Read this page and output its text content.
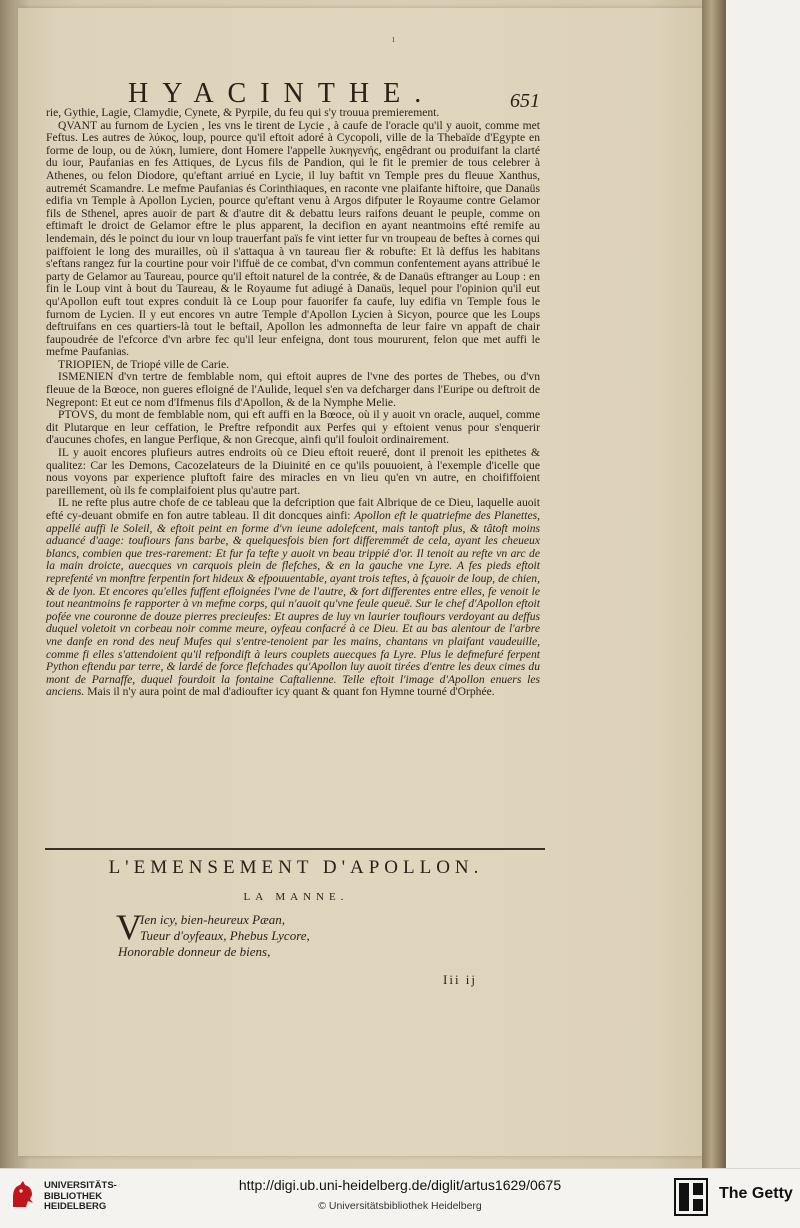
ı
HYACINTHE.	651

rie, Gythie, Lagie, Clamydie, Cynete, & Pyrpile, du feu qui s'y trouua premierement.

QVANT au furnom de Lycien , les vns le tirent de Lycie , à caufe de l'oracle qu'il y auoit, comme met Feftus. Les autres de λύκος, loup, pource qu'il eftoit adoré à Cycopoli, ville de la Thebaïde d'Egypte en forme de loup, ou de λύκη, lumiere, dont Homere l'appelle λυκηγενής, engêdrant ou produifant la clarté du iour, Paufanias en fes Attiques, de Lycus fils de Pandion, qui le fit le premier de tous celebrer à Athenes, ou felon Diodore, qu'eftant arriué en Lycie, il luy baftit vn Temple pres du fleuue Xanthus, autremét Scamandre. Le mefme Paufanias és Corinthiaques, en raconte vne plaifante hiftoire, que Danaüs edifia vn Temple à Apollon Lycien, pource qu'eftant venu à Argos difputer le Royaume contre Gelamor fils de Sthenel, apres auoir de part & d'autre dit & debattu leurs raifons deuant le peuple, comme on eftimaft le droict de Gelamor eftre le plus apparent, la decifion en ayant neantmoins efté remife au lendemain, dés le poinct du iour vn loup trauerfant païs fe vint ietter fur vn troupeau de beftes à cornes qui paiffoient le long des murailles, où il s'attaqua à vn taureau fier & robufte: Et là deffus les habitans s'eftans rangez fur la courtine pour voir l'iffuë de ce combat, d'vn commun confentement ayans attribué le party de Gelamor au Taureau, pource qu'il eftoit naturel de la contrée, & de Danaüs eftranger au Loup : en fin le Loup vint à bout du Taureau, & le Royaume fut adiugé à Danaüs, lequel pour l'opinion qu'il eut qu'Apollon euft tout expres conduit là ce Loup pour fauorifer fa caufe, luy edifia vn Temple fous le furnom de Lycien. Il y eut encores vn autre Temple d'Apollon Lycien à Sicyon, pource que les Loups deftruifans en ces quartiers-là tout le beftail, Apollon les admonnefta de leur faire vn appaft de chair faupoudrée de l'efcorce d'vn arbre fec qu'il leur enfeigna, dont tous moururent, felon que met auffi le mefme Paufanias.

TRIOPIEN, de Triopé ville de Carie.

ISMENIEN d'vn tertre de femblable nom, qui eftoit aupres de l'vne des portes de Thebes, ou d'vn fleuue de la Bœoce, non gueres efloigné de l'Aulide, lequel s'en va defcharger dans l'Euripe ou deftroit de Negrepont: Et eut ce nom d'Ifmenus fils d'Apollon, & de la Nymphe Melie.

PTOVS, du mont de femblable nom, qui eft auffi en la Bœoce, où il y auoit vn oracle, auquel, comme dit Plutarque en leur ceffation, le Preftre refpondit aux Perfes qui y eftoient venus pour s'enquerir d'aucunes chofes, en langue Perfique, & non Grecque, ainfi qu'il fouloit ordinairement.

IL y auoit encores plufieurs autres endroits où ce Dieu eftoit reueré, dont il prenoit les epithetes & qualitez: Car les Demons, Cacozelateurs de la Diuinité en ce qu'ils pouuoient, à l'exemple d'icelle que nous voyons par experience pluftoft faire des miracles en vn lieu qu'en vn autre, en choififfoient pareillement, où ils fe complaifoient plus qu'autre part.

IL ne refte plus autre chofe de ce tableau que la defcription que fait Albrique de ce Dieu, laquelle auoit efté cy-deuant obmife en fon autre tableau. Il dit doncques ainfi: Apollon eft le quatriefme des Planettes, appellé auffi le Soleil, & eftoit peint en forme d'vn ieune adolefcent, mais tantoft plus, & tâtoft moins aduancé d'aage: toufiours fans barbe, & quelquesfois bien fort differemmét de cela, ayant les cheueux blancs, combien que tres-rarement: Et fur fa tefte y auoit vn beau trippié d'or. Il tenoit au refte vn arc de la main droicte, auecques vn carquois plein de flefches, & en la gauche vne Lyre. A fes pieds eftoit reprefenté vn monftre ferpentin fort hideux & efpouuentable, ayant trois teftes, à fçauoir de loup, de chien, & de lyon. Et encores qu'elles fuffent efloignées l'vne de l'autre, & fort differentes entre elles, fe venoit le tout neantmoins fe rapporter à vn mefme corps, qui n'auoit qu'vne feule queuë. Sur le chef d'Apollon eftoit pofée vne couronne de douze pierres precieufes: Et aupres de luy vn laurier toufiours verdoyant au deffus duquel voletoit vn corbeau noir comme meure, oyfeau confacré à ce Dieu. Et au bas alentour de l'arbre vne danfe en rond des neuf Mufes qui s'entre-tenoient par les mains, chantans vn plaifant vaudeuille, comme fi elles s'attendoient qu'il refpondift à leurs couplets auecques fa Lyre. Plus le defmefuré ferpent Python eftendu par terre, & lardé de force flefchades qu'Apollon luy auoit tirées d'entre les deux cimes du mont de Parnaffe, duquel fourdoit la fontaine Caftalienne. Telle eftoit l'image d'Apollon enuers les anciens. Mais il n'y aura point de mal d'adioufter icy quant & quant fon Hymne tourné d'Orphée.

L'EMENSEMENT D'APOLLON.
LA MANNE.
V
Ien icy, bien-heureux Pæan,
Tueur d'oyfeaux, Phebus Lycore,
Honorable donneur de biens,
Iii ij
UNIVERSITÄTS-
BIBLIOTHEK
HEIDELBERG
http://digi.ub.uni-heidelberg.de/diglit/artus1629/0675
© Universitätsbibliothek Heidelberg
The Getty
